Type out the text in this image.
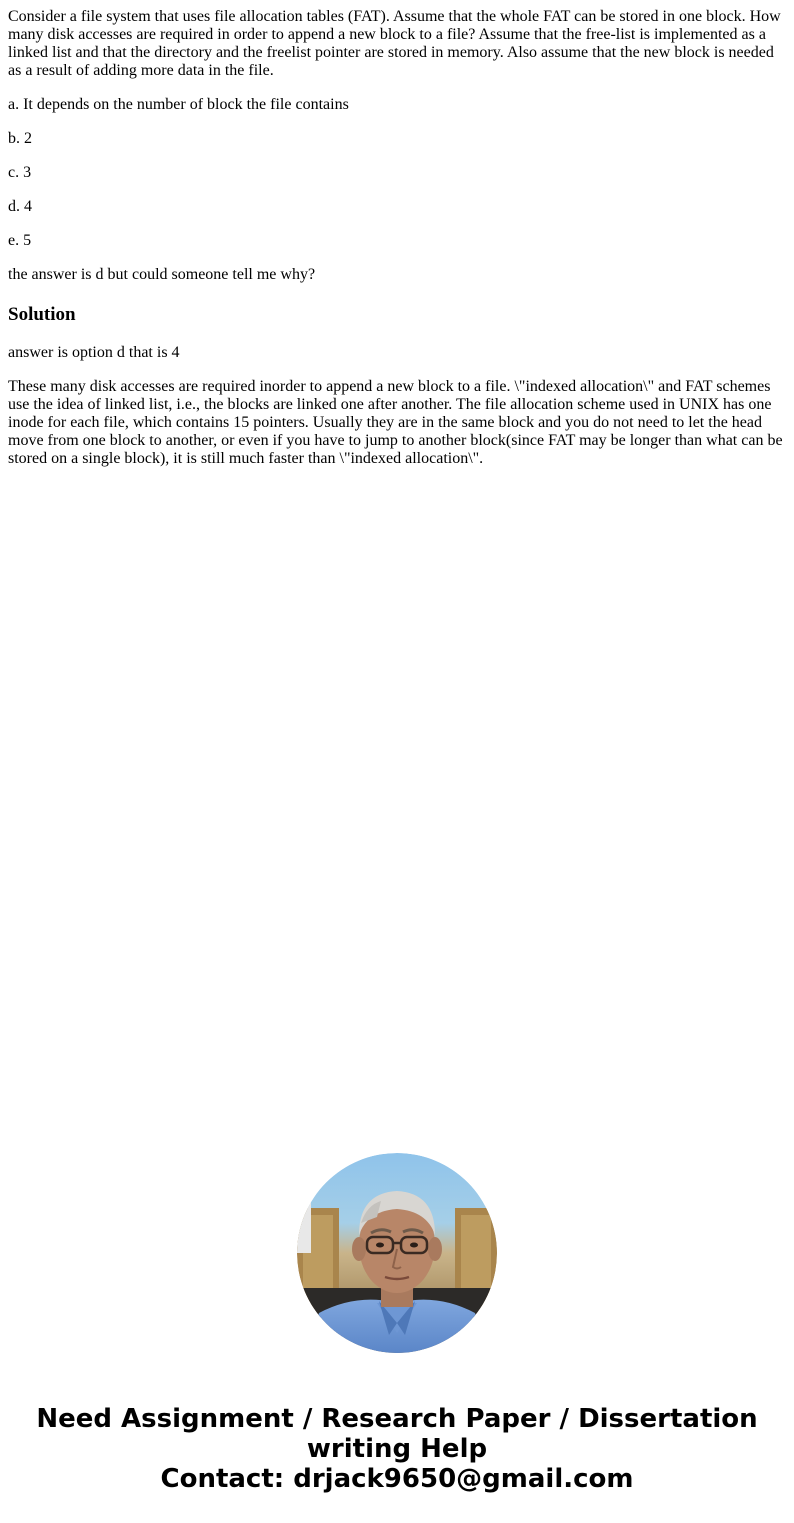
Consider a file system that uses file allocation tables (FAT). Assume that the whole FAT can be stored in one block. How many disk accesses are required in order to append a new block to a file? Assume that the free-list is implemented as a linked list and that the directory and the freelist pointer are stored in memory. Also assume that the new block is needed as a result of adding more data in the file.

a. It depends on the number of block the file contains

b. 2

c. 3

d. 4

e. 5

the answer is d but could someone tell me why?

Solution

answer is option d that is 4

These many disk accesses are required inorder to append a new block to a file. \"indexed allocation\" and FAT schemes use the idea of linked list, i.e., the blocks are linked one after another. The file allocation scheme used in UNIX has one inode for each file, which contains 15 pointers. Usually they are in the same block and you do not need to let the head move from one block to another, or even if you have to jump to another block(since FAT may be longer than what can be stored on a single block), it is still much faster than \"indexed allocation\".

Need Assignment / Research Paper / Dissertation
writing Help
Contact: drjack9650@gmail.com
